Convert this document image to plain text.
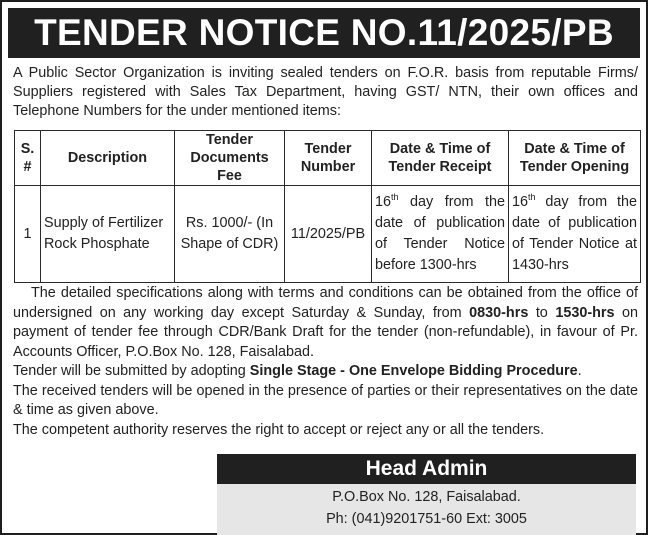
TENDER NOTICE NO.11/2025/PB
A Public Sector Organization is inviting sealed tenders on F.O.R. basis from reputable Firms/ Suppliers registered with Sales Tax Department, having GST/ NTN, their own offices and Telephone Numbers for the under mentioned items:
S. #	Description	Tender Documents Fee	Tender Number	Date & Time of Tender Receipt	Date & Time of Tender Opening
1	Supply of Fertilizer Rock Phosphate	Rs. 1000/- (In Shape of CDR)	11/2025/PB	16th day from the date of publication of Tender Notice before 1300-hrs	16th day from the date of publication of Tender Notice at 1430-hrs

The detailed specifications along with terms and conditions can be obtained from the office of undersigned on any working day except Saturday & Sunday, from 0830-hrs to 1530-hrs on payment of tender fee through CDR/Bank Draft for the tender (non-refundable), in favour of Pr. Accounts Officer, P.O.Box No. 128, Faisalabad.

Tender will be submitted by adopting Single Stage - One Envelope Bidding Procedure.

The received tenders will be opened in the presence of parties or their representatives on the date & time as given above.

The competent authority reserves the right to accept or reject any or all the tenders.

Head Admin
P.O.Box No. 128, Faisalabad.
Ph: (041)9201751-60 Ext: 3005
